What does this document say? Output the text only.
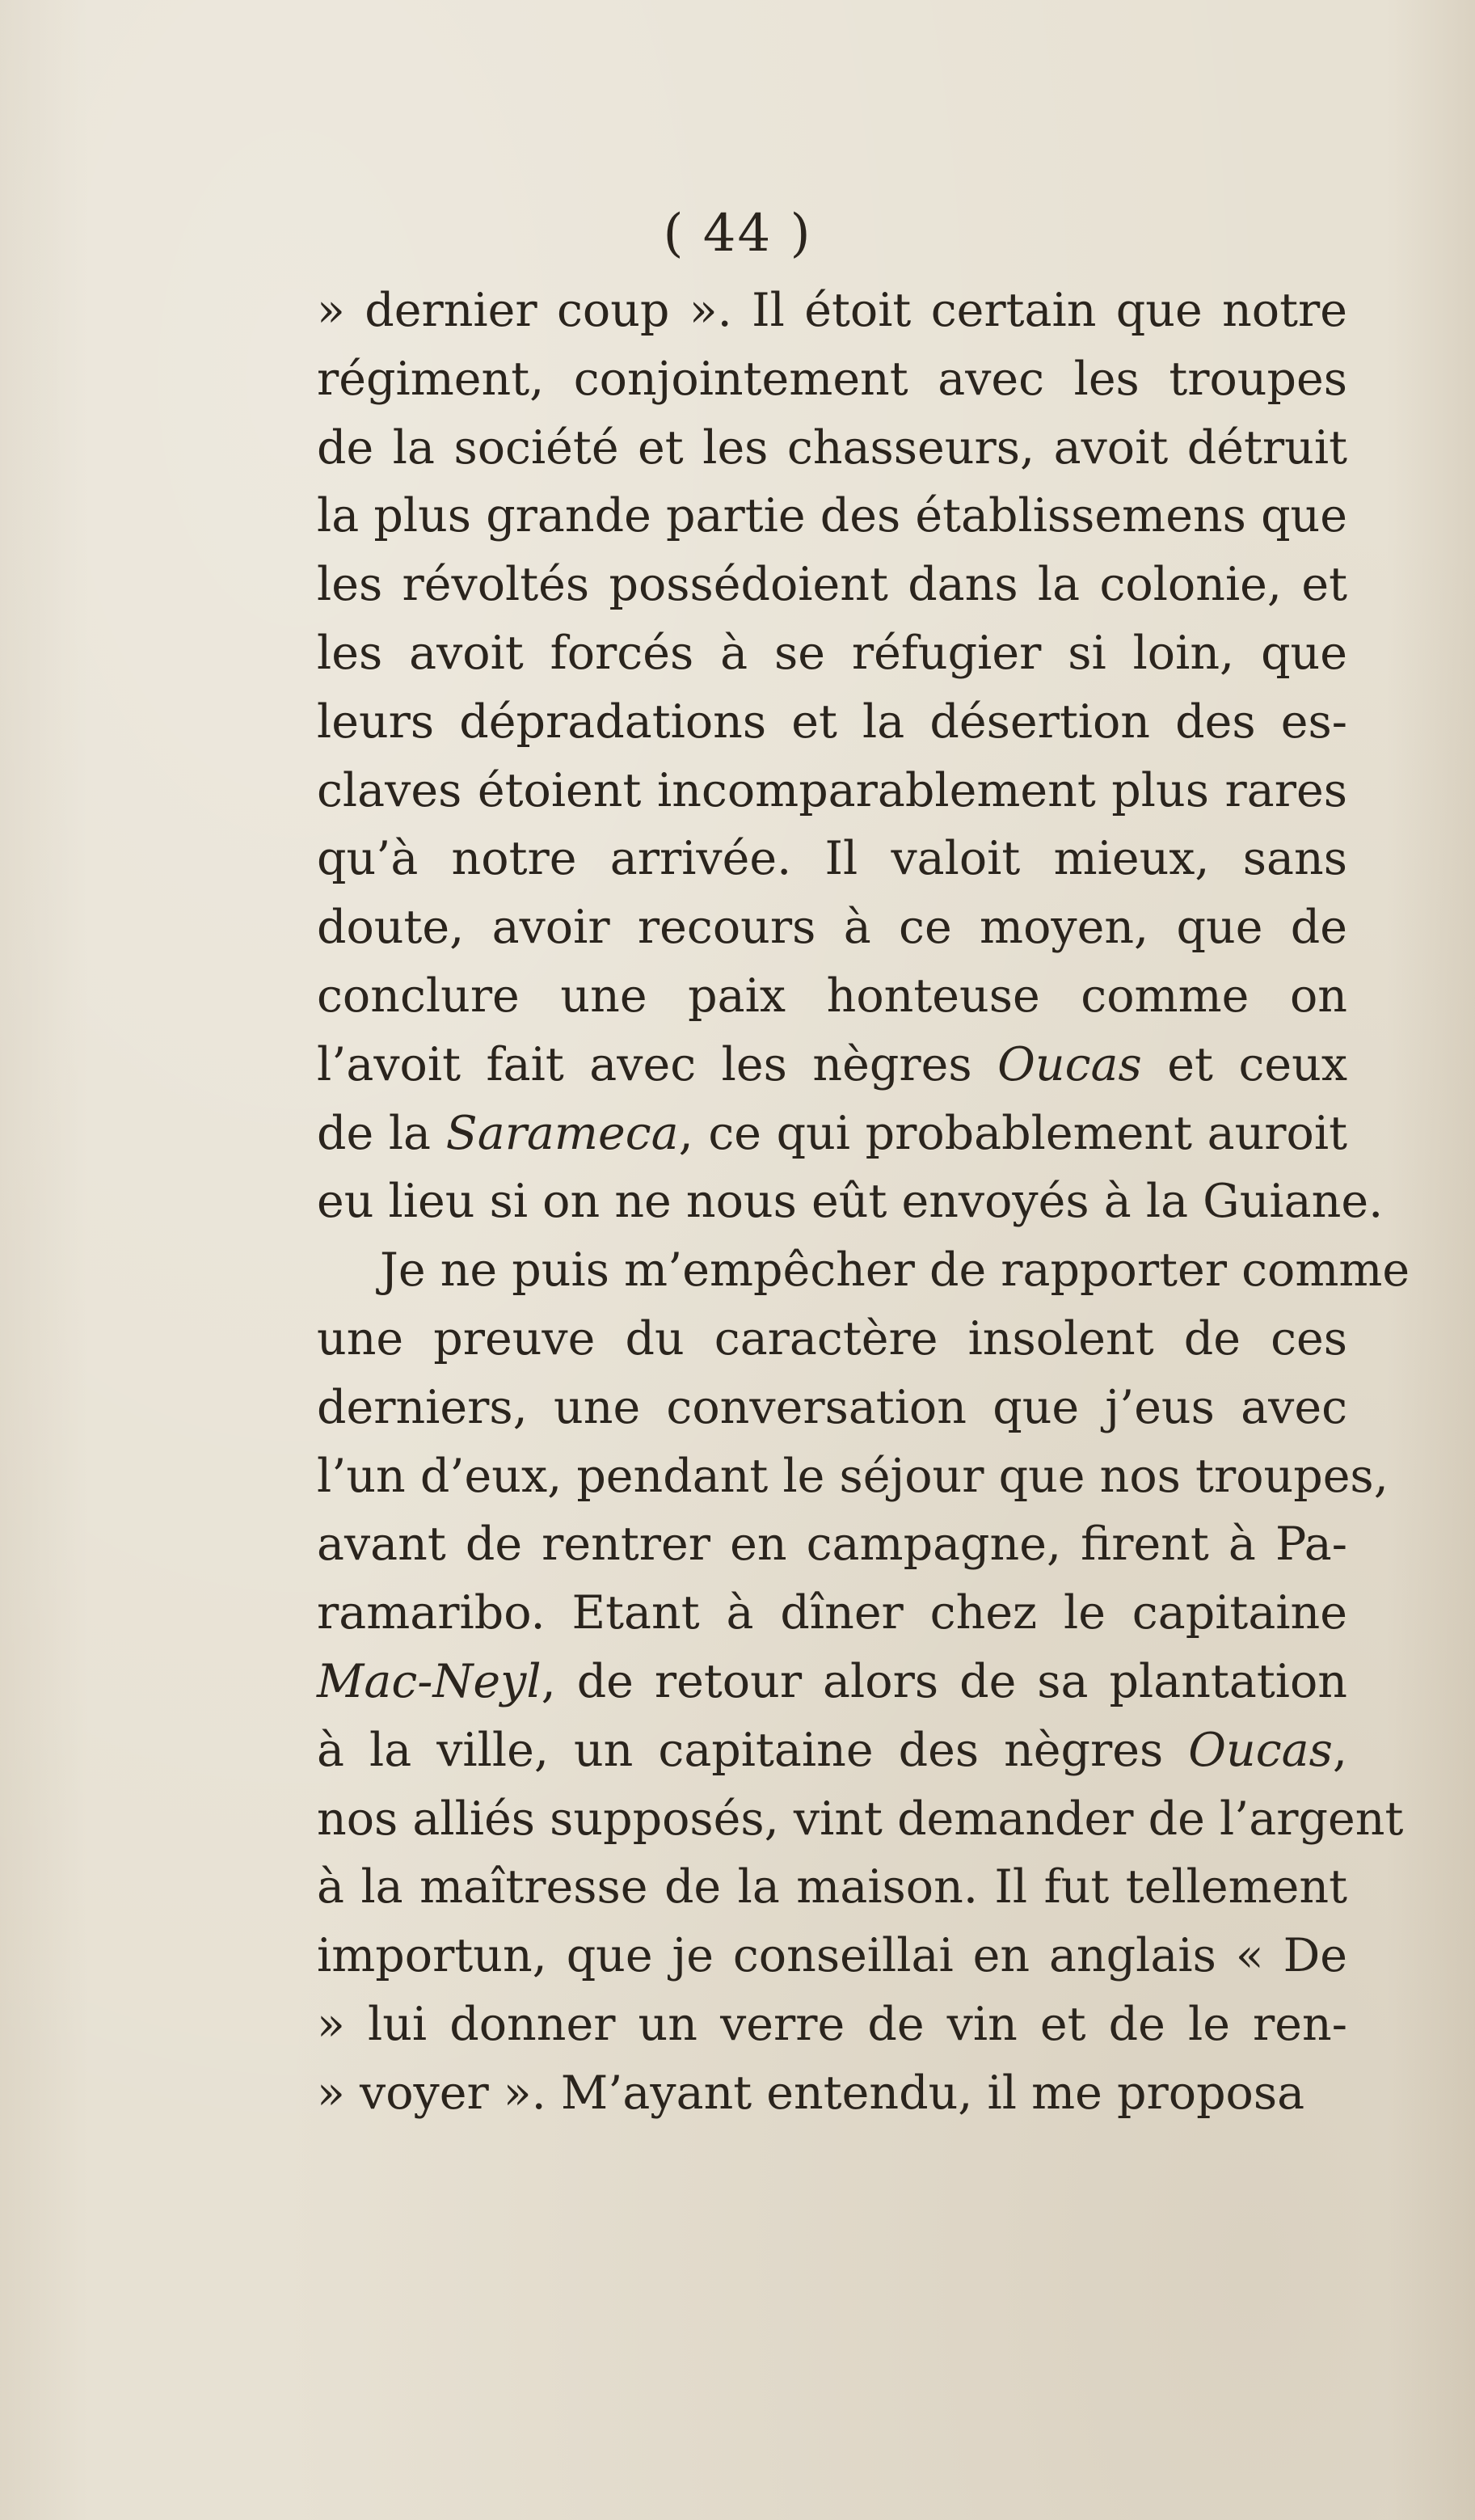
( 44 )
» dernier coup ». Il étoit certain que notre
régiment, conjointement avec les troupes
de la société et les chasseurs, avoit détruit
la plus grande partie des établissemens que
les révoltés possédoient dans la colonie, et
les avoit forcés à se réfugier si loin, que
leurs dépradations et la désertion des es-
claves étoient incomparablement plus rares
qu’à notre arrivée. Il valoit mieux, sans
doute, avoir recours à ce moyen, que de
conclure une paix honteuse comme on
l’avoit fait avec les nègres Oucas et ceux
de la Sarameca, ce qui probablement auroit
eu lieu si on ne nous eût envoyés à la Guiane.
Je ne puis m’empêcher de rapporter comme
une preuve du caractère insolent de ces
derniers, une conversation que j’eus avec
l’un d’eux, pendant le séjour que nos troupes,
avant de rentrer en campagne, firent à Pa-
ramaribo. Etant à dîner chez le capitaine
Mac-Neyl, de retour alors de sa plantation
à la ville, un capitaine des nègres Oucas,
nos alliés supposés, vint demander de l’argent
à la maîtresse de la maison. Il fut tellement
importun, que je conseillai en anglais « De
» lui donner un verre de vin et de le ren-
» voyer ». M’ayant entendu, il me proposa
